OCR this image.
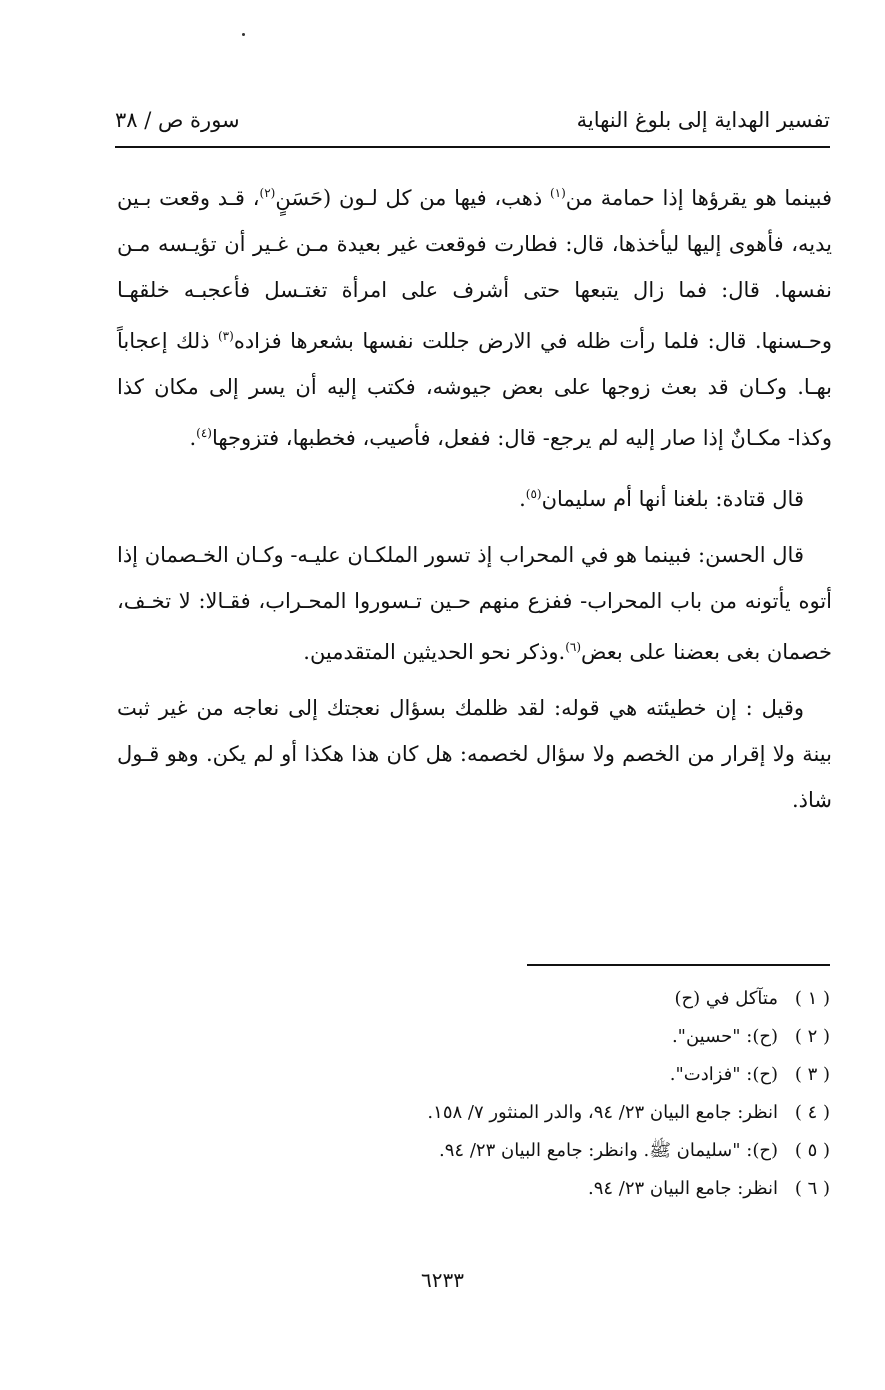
تفسير الهداية إلى بلوغ النهاية
سورة ص / ٣٨

فبينما هو يقرؤها إذا حمامة من$^{(١)}$ ذهب، فيها من كل لـون (حَسَنٍ$^{(٢)}$، قـد وقعت بـين يديه، فأهوى إليها ليأخذها، قال: فطارت فوقعت غير بعيدة مـن غـير أن تؤيـسه مـن نفسها. قال: فما زال يتبعها حتى أشرف على امرأة تغتـسل فأعجبـه خلقهـا وحـسنها. قال: فلما رأت ظله في الارض جللت نفسها بشعرها فزاده$^{(٣)}$ ذلك إعجاباً بهـا. وكـان قد بعث زوجها على بعض جيوشه، فكتب إليه أن يسر إلى مكان كذا وكذا- مكـانٌ إذا صار إليه لم يرجع- قال: ففعل، فأصيب، فخطبها، فتزوجها$^{(٤)}$.

قال قتادة: بلغنا أنها أم سليمان$^{(٥)}$.

قال الحسن: فبينما هو في المحراب إذ تسور الملكـان عليـه- وكـان الخـصمان إذا أتوه يأتونه من باب المحراب- ففزع منهم حـين تـسوروا المحـراب، فقـالا: لا تخـف، خصمان بغى بعضنا على بعض$^{(٦)}$.وذكر نحو الحديثين المتقدمين.

وقيل : إن خطيئته هي قوله: لقد ظلمك بسؤال نعجتك إلى نعاجه من غير ثبت بينة ولا إقرار من الخصم ولا سؤال لخصمه: هل كان هذا هكذا أو لم يكن. وهو قـول شاذ.

( ١ )متآكل في (ح)
( ٢ )(ح): "حسين".
( ٣ )(ح): "فزادت".
( ٤ )انظر: جامع البيان ٢٣/ ٩٤، والدر المنثور ٧/ ١٥٨.
( ٥ )(ح): "سليمان ﷺ. وانظر: جامع البيان ٢٣/ ٩٤.
( ٦ )انظر: جامع البيان ٢٣/ ٩٤.
٦٢٣٣
